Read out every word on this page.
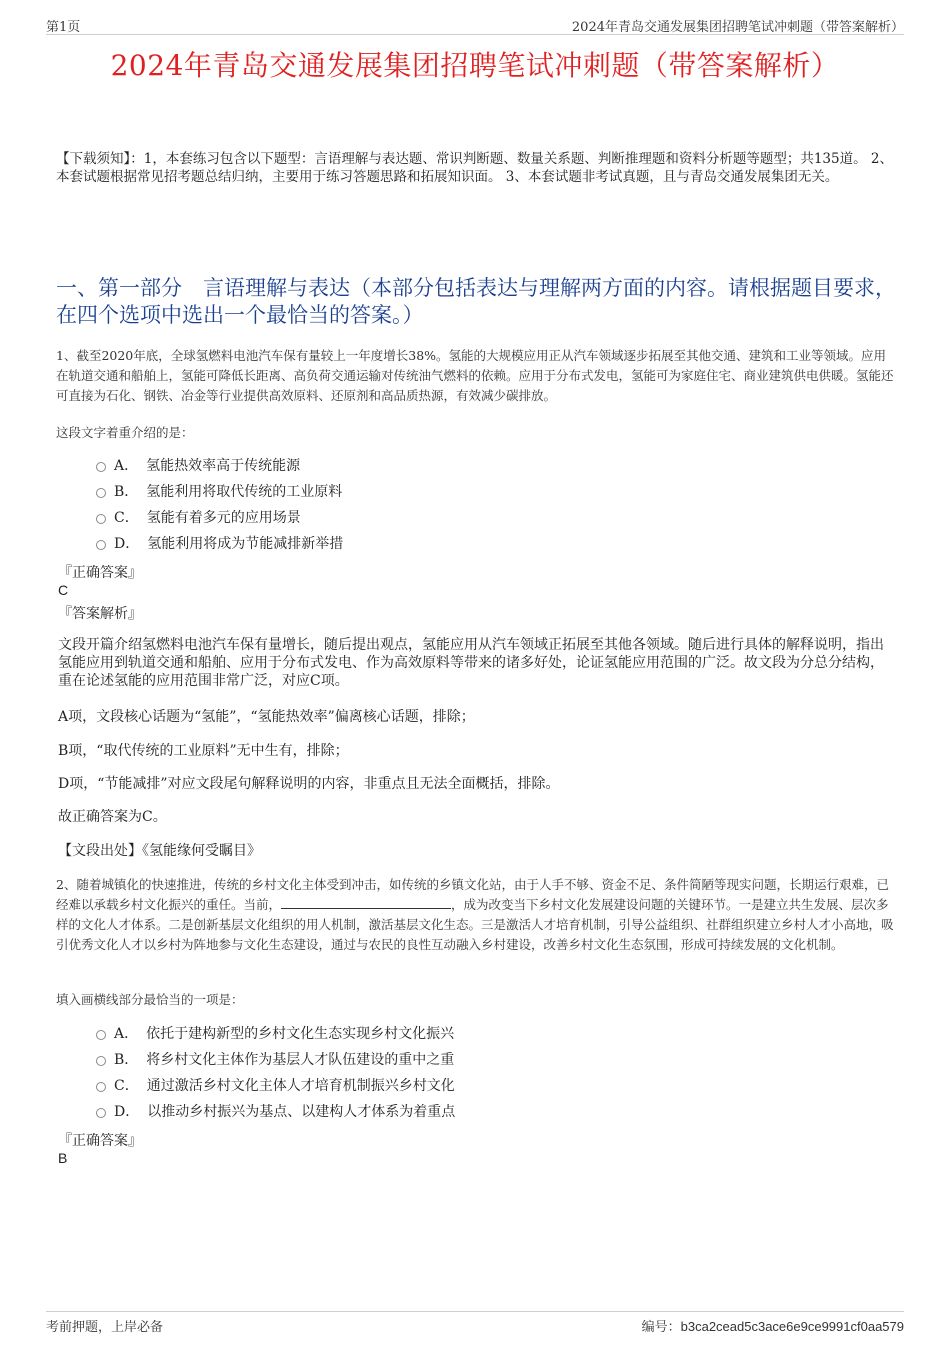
第1页	2024年青岛交通发展集团招聘笔试冲刺题（带答案解析）
2024年青岛交通发展集团招聘笔试冲刺题（带答案解析）
【下载须知】：1，本套练习包含以下题型：言语理解与表达题、常识判断题、数量关系题、判断推理题和资料分析题等题型；共135道。 2、本套试题根据常见招考题总结归纳，主要用于练习答题思路和拓展知识面。 3、本套试题非考试真题，且与青岛交通发展集团无关。
一、第一部分　言语理解与表达（本部分包括表达与理解两方面的内容。请根据题目要求，在四个选项中选出一个最恰当的答案。）
1、截至2020年底，全球氢燃料电池汽车保有量较上一年度增长38%。氢能的大规模应用正从汽车领域逐步拓展至其他交通、建筑和工业等领域。应用在轨道交通和船舶上，氢能可降低长距离、高负荷交通运输对传统油气燃料的依赖。应用于分布式发电，氢能可为家庭住宅、商业建筑供电供暖。氢能还可直接为石化、钢铁、冶金等行业提供高效原料、还原剂和高品质热源，有效减少碳排放。
这段文字着重介绍的是：
A． 氢能热效率高于传统能源
B． 氢能利用将取代传统的工业原料
C． 氢能有着多元的应用场景
D． 氢能利用将成为节能减排新举措
『正确答案』
C
『答案解析』
文段开篇介绍氢燃料电池汽车保有量增长，随后提出观点，氢能应用从汽车领域正拓展至其他各领域。随后进行具体的解释说明，指出氢能应用到轨道交通和船舶、应用于分布式发电、作为高效原料等带来的诸多好处，论证氢能应用范围的广泛。故文段为分总分结构，重在论述氢能的应用范围非常广泛，对应C项。
A项，文段核心话题为“氢能”，“氢能热效率”偏离核心话题，排除；
B项，“取代传统的工业原料”无中生有，排除；
D项，“节能减排”对应文段尾句解释说明的内容，非重点且无法全面概括，排除。
故正确答案为C。
【文段出处】《氢能缘何受瞩目》
2、随着城镇化的快速推进，传统的乡村文化主体受到冲击，如传统的乡镇文化站，由于人手不够、资金不足、条件简陋等现实问题，长期运行艰难，已经难以承载乡村文化振兴的重任。当前，	，成为改变当下乡村文化发展建设问题的关键环节。一是建立共生发展、层次多样的文化人才体系。二是创新基层文化组织的用人机制，激活基层文化生态。三是激活人才培育机制，引导公益组织、社群组织建立乡村人才小高地，吸引优秀文化人才以乡村为阵地参与文化生态建设，通过与农民的良性互动融入乡村建设，改善乡村文化生态氛围，形成可持续发展的文化机制。
填入画横线部分最恰当的一项是：
A． 依托于建构新型的乡村文化生态实现乡村文化振兴
B． 将乡村文化主体作为基层人才队伍建设的重中之重
C． 通过激活乡村文化主体人才培育机制振兴乡村文化
D． 以推动乡村振兴为基点、以建构人才体系为着重点
『正确答案』
B
考前押题，上岸必备	编号：b3ca2cead5c3ace6e9ce9991cf0aa579
